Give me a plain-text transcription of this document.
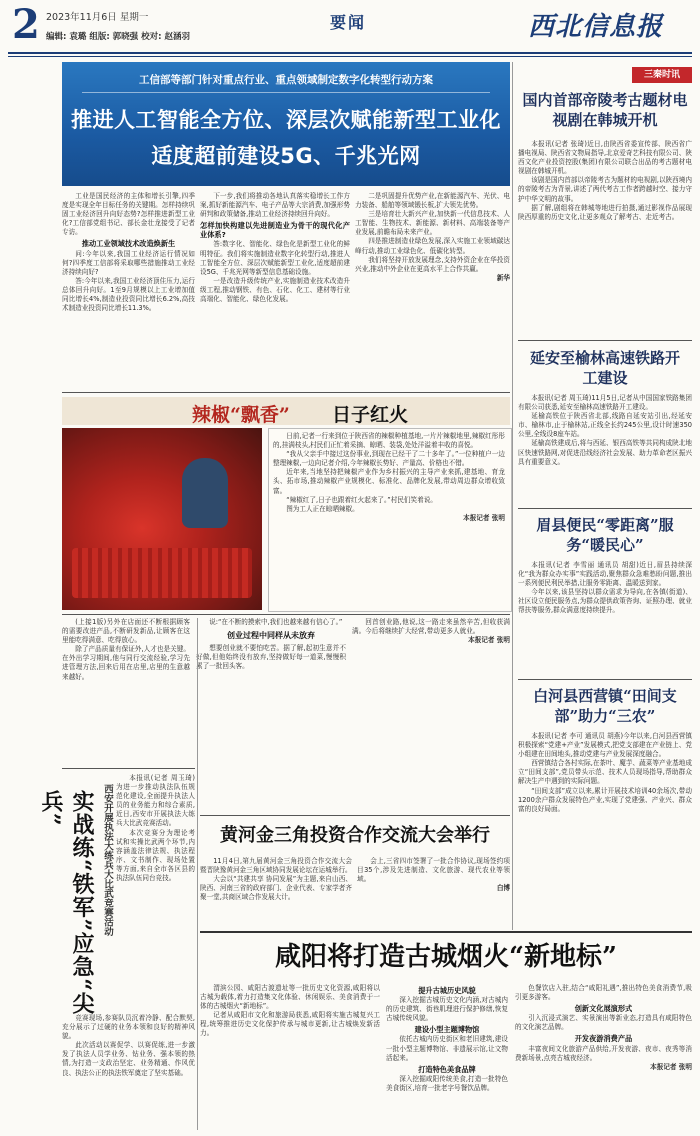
2 2023年11月6日 星期一
编辑: 袁璐 组版: 郭晓强 校对: 赵涵羽
要闻	西北信息报
工信部等部门针对重点行业、重点领域制定数字化转型行动方案
推进人工智能全方位、深层次赋能新型工业化
适度超前建设5G、千兆光网

工业是国民经济的主体和增长引擎,四季度是实现全年目标任务的关键期。怎样持续巩固工业经济回升向好态势?怎样推进新型工业化?工信部党组书记、部长金壮龙接受了记者专访。

推动工业领域技术改造焕新生

问:今年以来,我国工业经济运行情况如何?四季度工信部将采取哪些措施推动工业经济持续向好?

答:今年以来,我国工业经济顶住压力,运行总体回升向好。1至9月规模以上工业增加值同比增长4%,制造业投资同比增长6.2%,高技术制造业投资同比增长11.3%。

下一步,我们将推动各地认真落实稳增长工作方案,抓好新能源汽车、电子产品等大宗消费,加强形势研判和政策储备,推动工业经济持续回升向好。

怎样加快构建以先进制造业为骨干的现代化产业体系?

答:数字化、智能化、绿色化是新型工业化的鲜明特征。我们将实施制造业数字化转型行动,推进人工智能全方位、深层次赋能新型工业化,适度超前建设5G、千兆光网等新型信息基础设施。

一是改造升级传统产业,实施制造业技术改造升级工程,推动钢铁、有色、石化、化工、建材等行业高端化、智能化、绿色化发展。

二是巩固提升优势产业,在新能源汽车、光伏、电力装备、船舶等领域锻长板,扩大领先优势。

三是培育壮大新兴产业,加快新一代信息技术、人工智能、生物技术、新能源、新材料、高端装备等产业发展,前瞻布局未来产业。

四是推进制造业绿色发展,深入实施工业领域碳达峰行动,推动工业绿色化、低碳化转型。

我们将坚持开放发展理念,支持外资企业在华投资兴业,推动中外企业在更高水平上合作共赢。

新华
三秦时讯
国内首部帝陵考古题材电视剧在韩城开机

本报讯(记者 张琦)近日,由陕西省委宣传部、陕西省广播电视局、陕西省文物局指导,北京爱奇艺科技有限公司、陕西文化产业投资控股(集团)有限公司联合出品的考古题材电视剧在韩城开机。

该剧是国内首部以帝陵考古为题材的电视剧,以陕西境内的帝陵考古为背景,讲述了两代考古工作者跨越时空、接力守护中华文明的故事。

据了解,剧组将在韩城等地进行拍摄,通过影视作品展现陕西厚重的历史文化,让更多观众了解考古、走近考古。

延安至榆林高速铁路开工建设

本报讯(记者 周玉琦)11月5日,记者从中国国家铁路集团有限公司获悉,延安至榆林高速铁路开工建设。

延榆高铁位于陕西省北部,线路自延安站引出,经延安市、榆林市,止于榆林站,正线全长约245公里,设计时速350公里,全线设8座车站。

延榆高铁建成后,将与西延、银西高铁等共同构成陕北地区快速铁路网,对促进沿线经济社会发展、助力革命老区振兴具有重要意义。

眉县便民“零距离”服务“暖民心”

本报讯(记者 李雪丽 通讯员 胡甜)近日,眉县持续深化“我为群众办实事”实践活动,聚焦群众急难愁盼问题,推出一系列便民利民举措,让服务零距离、温暖送到家。

今年以来,该县坚持以群众需求为导向,在各镇(街道)、社区设立便民服务点,为群众提供政策咨询、证照办理、就业帮扶等服务,群众满意度持续提升。

白河县西营镇“田间支部”助力“三农”

本报讯(记者 李可 通讯员 胡燕)今年以来,白河县西营镇积极探索“党建+产业”发展模式,把党支部建在产业链上、党小组建在田间地头,推动党建与产业发展深度融合。

西营镇结合各村实际,在茶叶、魔芋、蔬菜等产业基地成立“田间支部”,党员带头示范、技术人员现场指导,帮助群众解决生产中遇到的实际问题。

“田间支部”成立以来,累计开展技术培训40余场次,带动1200余户群众发展特色产业,实现了党建强、产业兴、群众富的良好局面。

辣椒“飘香” 日子红火

日前,记者一行来到位于陕西省的辣椒种植基地,一片片辣椒地里,辣椒红彤彤的,挂满枝头,村民们正忙着采摘、晾晒、装袋,处处洋溢着丰收的喜悦。

“我从父亲手中接过这份事业,到现在已经干了二十多年了。”一位种植户一边整理辣椒,一边向记者介绍,今年辣椒长势好、产量高、价格也不错。

近年来,当地坚持把辣椒产业作为乡村振兴的主导产业来抓,建基地、育龙头、拓市场,推动辣椒产业规模化、标准化、品牌化发展,带动周边群众增收致富。

“辣椒红了,日子也跟着红火起来了。”村民们笑着说。

图为工人正在晾晒辣椒。

本报记者 张明

(上接1版)另外在店面还不断根据顾客的需要改进产品,不断研发新品,让顾客在这里能吃得满意、吃得放心。

除了产品质量有保证外,人才也是关键。在外出学习期间,他与同行交流经验,学习先进管理方法,回来后用在店里,店里的生意越来越好。

说:“在不断的摸索中,我们也越来越有信心了。”

创业过程中同样从未放弃

想要创业就不要怕吃苦。据了解,起初生意并不好做,但他始终没有放弃,坚持做好每一道菜,慢慢积累了一批回头客。

回首创业路,他说,这一路走来虽然辛苦,但收获满满。今后将继续扩大经营,带动更多人就业。

本报记者 张明
实战练“铁军”应急“尖兵”	西安开展执法大练兵大比武竞赛活动

本报讯(记者 周玉琦)为进一步推动执法队伍规范化建设,全面提升执法人员的业务能力和综合素质,近日,西安市开展执法大练兵大比武竞赛活动。

本次竞赛分为理论考试和实操比武两个环节,内容涵盖法律法规、执法程序、文书制作、现场处置等方面,来自全市各区县的执法队伍同台竞技。

竞赛现场,参赛队员沉着冷静、配合默契,充分展示了过硬的业务本领和良好的精神风貌。

此次活动以赛促学、以赛促练,进一步激发了执法人员学业务、钻业务、强本领的热情,为打造一支政治坚定、业务精通、作风优良、执法公正的执法铁军奠定了坚实基础。

黄河金三角投资合作交流大会举行

11月4日,第九届黄河金三角投资合作交流大会暨晋陕豫黄河金三角区域协同发展论坛在运城举行。

大会以“共建共享 协同发展”为主题,来自山西、陕西、河南三省的政府部门、企业代表、专家学者齐聚一堂,共商区域合作发展大计。

会上,三省四市签署了一批合作协议,现场签约项目35个,涉及先进制造、文化旅游、现代农业等领域。

白博
咸阳将打造古城烟火“新地标”

渭滨公园、咸阳古渡遗址等一批历史文化资源,咸阳将以古城为载体,着力打造集文化体验、休闲娱乐、美食消费于一体的古城烟火“新地标”。

记者从咸阳市文化和旅游局获悉,咸阳将实施古城复兴工程,统筹推进历史文化保护传承与城市更新,让古城焕发新活力。

提升古城历史风貌

深入挖掘古城历史文化内涵,对古城内的历史建筑、街巷肌理进行保护修缮,恢复古城传统风貌。

建设小型主题博物馆

依托古城内历史街区和老旧建筑,建设一批小型主题博物馆、非遗展示馆,让文物活起来。

打造特色美食品牌

深入挖掘咸阳传统美食,打造一批特色美食街区,培育一批老字号餐饮品牌。

色餐饮店入驻,结合“咸阳礼遇”,推出特色美食消费节,吸引更多游客。

创新文化展演形式

引入沉浸式演艺、实景演出等新业态,打造具有咸阳特色的文化演艺品牌。

开发夜游消费产品

丰富夜间文化旅游产品供给,开发夜游、夜市、夜秀等消费新场景,点亮古城夜经济。

本报记者 张明
